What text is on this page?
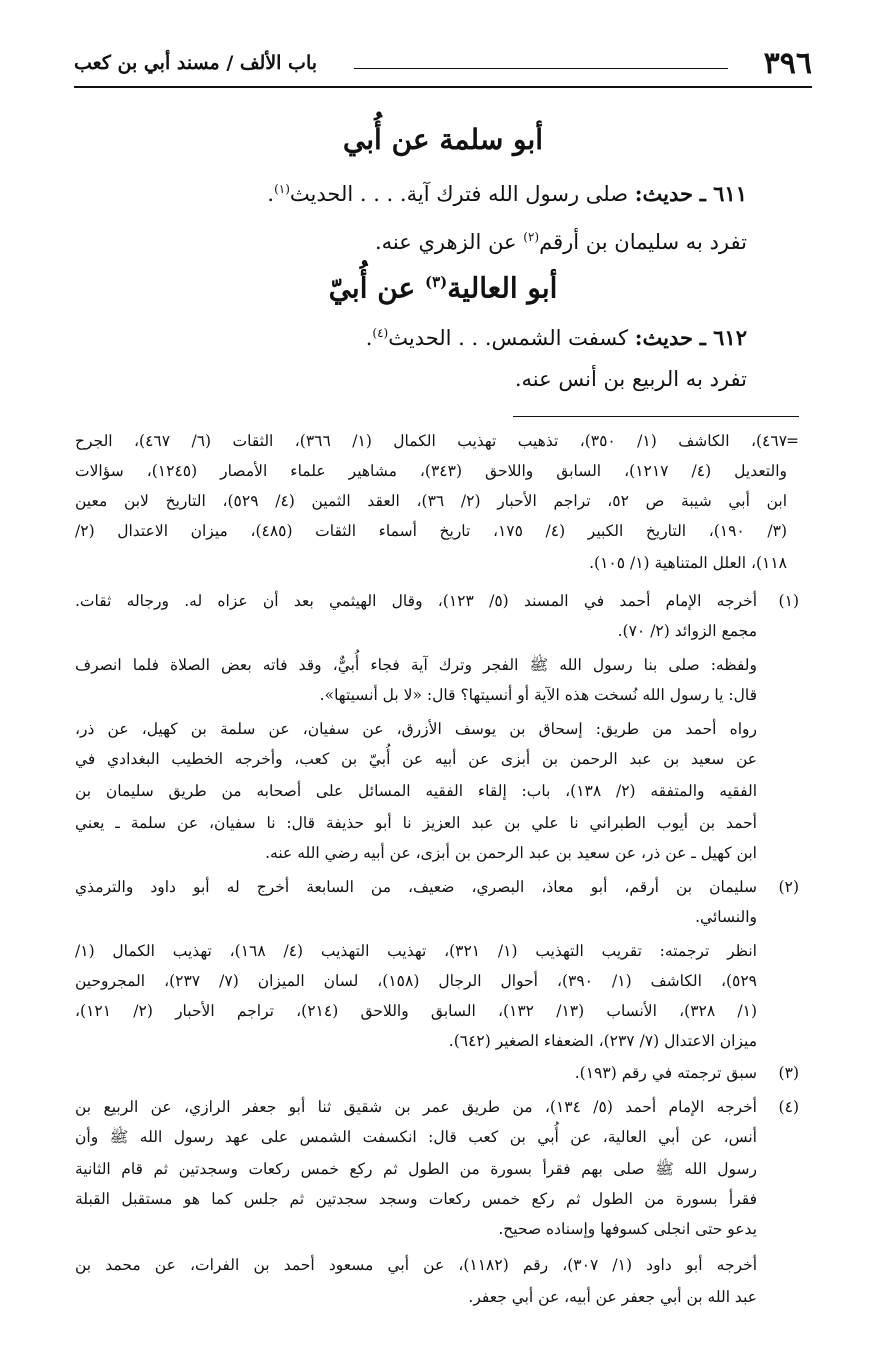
٣٩٦
باب الألف / مسند أبي بن كعب
أبو سلمة عن أُبي
٦١١ ـ حديث: صلى رسول الله فترك آية. . . . الحديث$^{(١)}$.
تفرد به سليمان بن أرقم$^{(٢)}$ عن الزهري عنه.
أبو العالية$^{(٣)}$ عن أُبيّ
٦١٢ ـ حديث: كسفت الشمس. . . الحديث$^{(٤)}$.
تفرد به الربيع بن أنس عنه.
=
٤٦٧)، الكاشف (١/ ٣٥٠)، تذهيب تهذيب الكمال (١/ ٣٦٦)، الثقات (٦/ ٤٦٧)، الجرح
والتعديل (٤/ ١٢١٧)، السابق واللاحق (٣٤٣)، مشاهير علماء الأمصار (١٢٤٥)، سؤالات
ابن أبي شيبة ص ٥٢، تراجم الأحبار (٢/ ٣٦)، العقد الثمين (٤/ ٥٢٩)، التاريخ لابن معين
(٣/ ١٩٠)، التاريخ الكبير (٤/ ١٧٥، تاريخ أسماء الثقات (٤٨٥)، ميزان الاعتدال (٢/
١١٨)، العلل المتناهية (١/ ١٠٥).
(١)
أخرجه الإمام أحمد في المسند (٥/ ١٢٣)، وقال الهيثمي بعد أن عزاه له. ورجاله ثقات.
مجمع الزوائد (٢/ ٧٠).
ولفظه: صلى بنا رسول الله ﷺ الفجر وترك آية فجاء أُبيٌّ، وقد فاته بعض الصلاة فلما انصرف
قال: يا رسول الله نُسخت هذه الآية أو أنسيتها؟ قال: «لا بل أنسيتها».
رواه أحمد من طريق: إسحاق بن يوسف الأزرق، عن سفيان، عن سلمة بن كهيل، عن ذر،
عن سعيد بن عبد الرحمن بن أبزى عن أبيه عن أُبيّ بن كعب، وأخرجه الخطيب البغدادي في
الفقيه والمتفقه (٢/ ١٣٨)، باب: إلقاء الفقيه المسائل على أصحابه من طريق سليمان بن
أحمد بن أيوب الطبراني نا علي بن عبد العزيز نا أبو حذيفة قال: نا سفيان، عن سلمة ـ يعني
ابن كهيل ـ عن ذر، عن سعيد بن عبد الرحمن بن أبزى، عن أبيه رضي الله عنه.
(٢)
سليمان بن أرقم، أبو معاذ، البصري، ضعيف، من السابعة أخرج له أبو داود والترمذي
والنسائي.
انظر ترجمته: تقريب التهذيب (١/ ٣٢١)، تهذيب التهذيب (٤/ ١٦٨)، تهذيب الكمال (١/
٥٢٩)، الكاشف (١/ ٣٩٠)، أحوال الرجال (١٥٨)، لسان الميزان (٧/ ٢٣٧)، المجروحين
(١/ ٣٢٨)، الأنساب (١٣/ ١٣٢)، السابق واللاحق (٢١٤)، تراجم الأحبار (٢/ ١٢١)،
ميزان الاعتدال (٧/ ٢٣٧)، الضعفاء الصغير (٦٤٢).
(٣)
سبق ترجمته في رقم (١٩٣).
(٤)
أخرجه الإمام أحمد (٥/ ١٣٤)، من طريق عمر بن شقيق ثنا أبو جعفر الرازي، عن الربيع بن
أنس، عن أبي العالية، عن أُبي بن كعب قال: انكسفت الشمس على عهد رسول الله ﷺ وأن
رسول الله ﷺ صلى بهم فقرأ بسورة من الطول ثم ركع خمس ركعات وسجدتين ثم قام الثانية
فقرأ بسورة من الطول ثم ركع خمس ركعات وسجد سجدتين ثم جلس كما هو مستقبل القبلة
يدعو حتى انجلى كسوفها وإسناده صحيح.
أخرجه أبو داود (١/ ٣٠٧)، رقم (١١٨٢)، عن أبي مسعود أحمد بن الفرات، عن محمد بن
عبد الله بن أبي جعفر عن أبيه، عن أبي جعفر.
